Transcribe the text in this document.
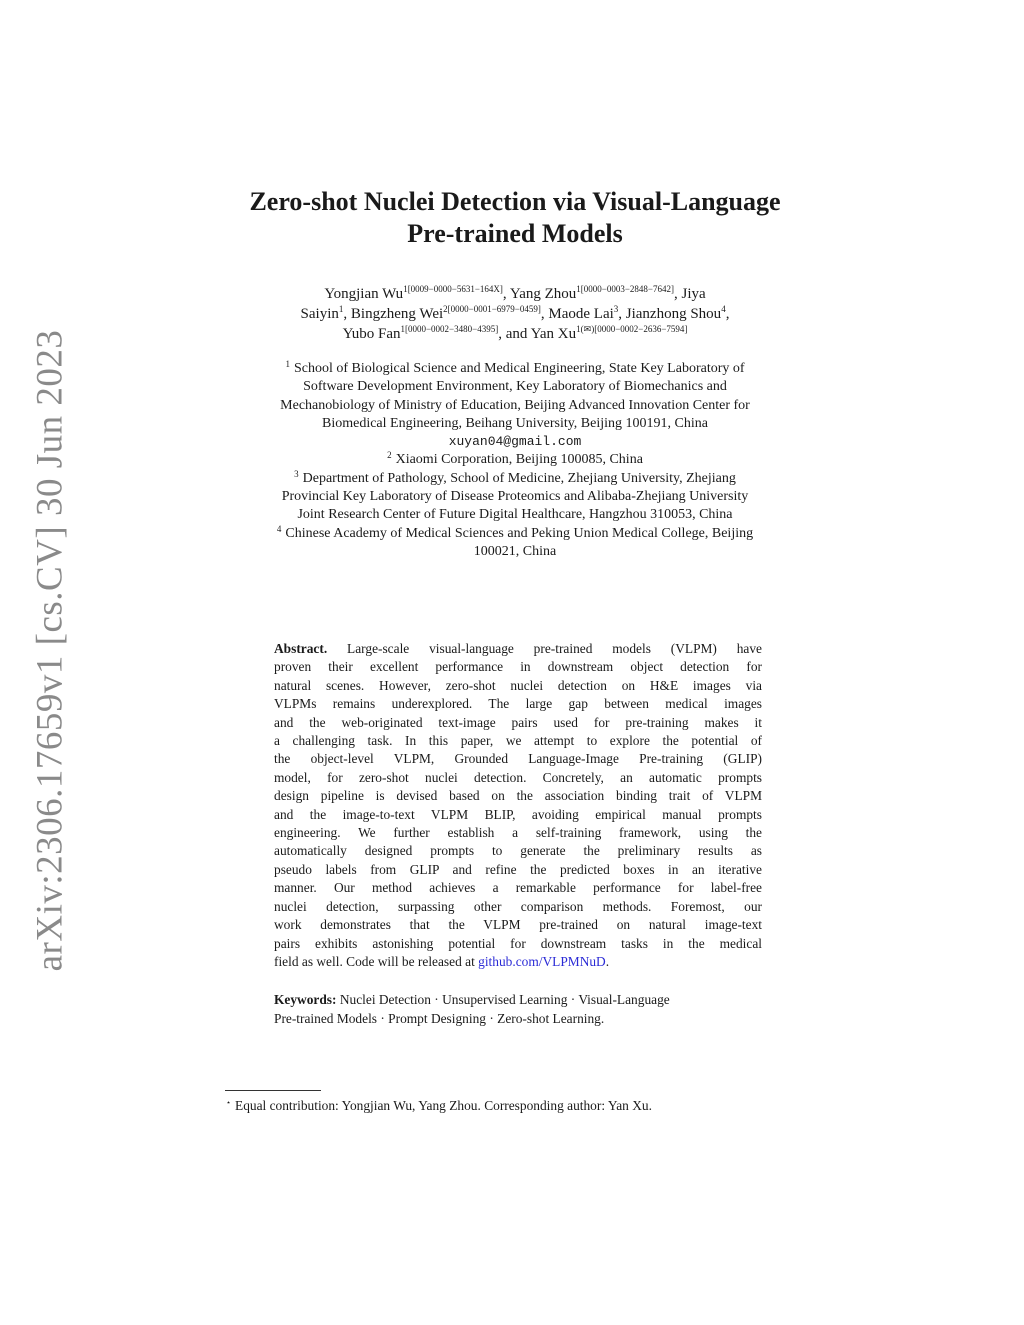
arXiv:2306.17659v1 [cs.CV] 30 Jun 2023
Zero-shot Nuclei Detection via Visual-Language
Pre-trained Models
Yongjian $Wu^{1[0009-0000-5631-164X]}$, Yang Zhou$^{1[0000-0003-2848-7642]}$, Jiya
Saiyin$^1$, Bingzheng Wei$^{2[0000-0001-6979-0459]}$, Maode Lai$^3$, Jianzhong Shou$^4$,
Yubo Fan$^{1[0000-0002-3480-4395]}$, and Yan $Xu^{1(✉)[0000-0002-2636-7594]}$
$^1$ School of Biological Science and Medical Engineering, State Key Laboratory of
Software Development Environment, Key Laboratory of Biomechanics and
Mechanobiology of Ministry of Education, Beijing Advanced Innovation Center for
Biomedical Engineering, Beihang University, Beijing 100191, China
xuyan04@gmail.com
$^2$ Xiaomi Corporation, Beijing 100085, China
$^3$ Department of Pathology, School of Medicine, Zhejiang University, Zhejiang
Provincial Key Laboratory of Disease Proteomics and Alibaba-Zhejiang University
Joint Research Center of Future Digital Healthcare, Hangzhou 310053, China
$^4$ Chinese Academy of Medical Sciences and Peking Union Medical College, Beijing
100021, China
Abstract. Large-scale visual-language pre-trained models (VLPM) have
proven their excellent performance in downstream object detection for
natural scenes. However, zero-shot nuclei detection on H&E images via
VLPMs remains underexplored. The large gap between medical images
and the web-originated text-image pairs used for pre-training makes it
a challenging task. In this paper, we attempt to explore the potential of
the object-level VLPM, Grounded Language-Image Pre-training (GLIP)
model, for zero-shot nuclei detection. Concretely, an automatic prompts
design pipeline is devised based on the association binding trait of VLPM
and the image-to-text VLPM BLIP, avoiding empirical manual prompts
engineering. We further establish a self-training framework, using the
automatically designed prompts to generate the preliminary results as
pseudo labels from GLIP and refine the predicted boxes in an iterative
manner. Our method achieves a remarkable performance for label-free
nuclei detection, surpassing other comparison methods. Foremost, our
work demonstrates that the VLPM pre-trained on natural image-text
pairs exhibits astonishing potential for downstream tasks in the medical
field as well. Code will be released at github.com/VLPMNuD.
Keywords: Nuclei Detection · Unsupervised Learning · Visual-Language
Pre-trained Models · Prompt Designing · Zero-shot Learning.
⋆ Equal contribution: Yongjian Wu, Yang Zhou. Corresponding author: Yan Xu.
